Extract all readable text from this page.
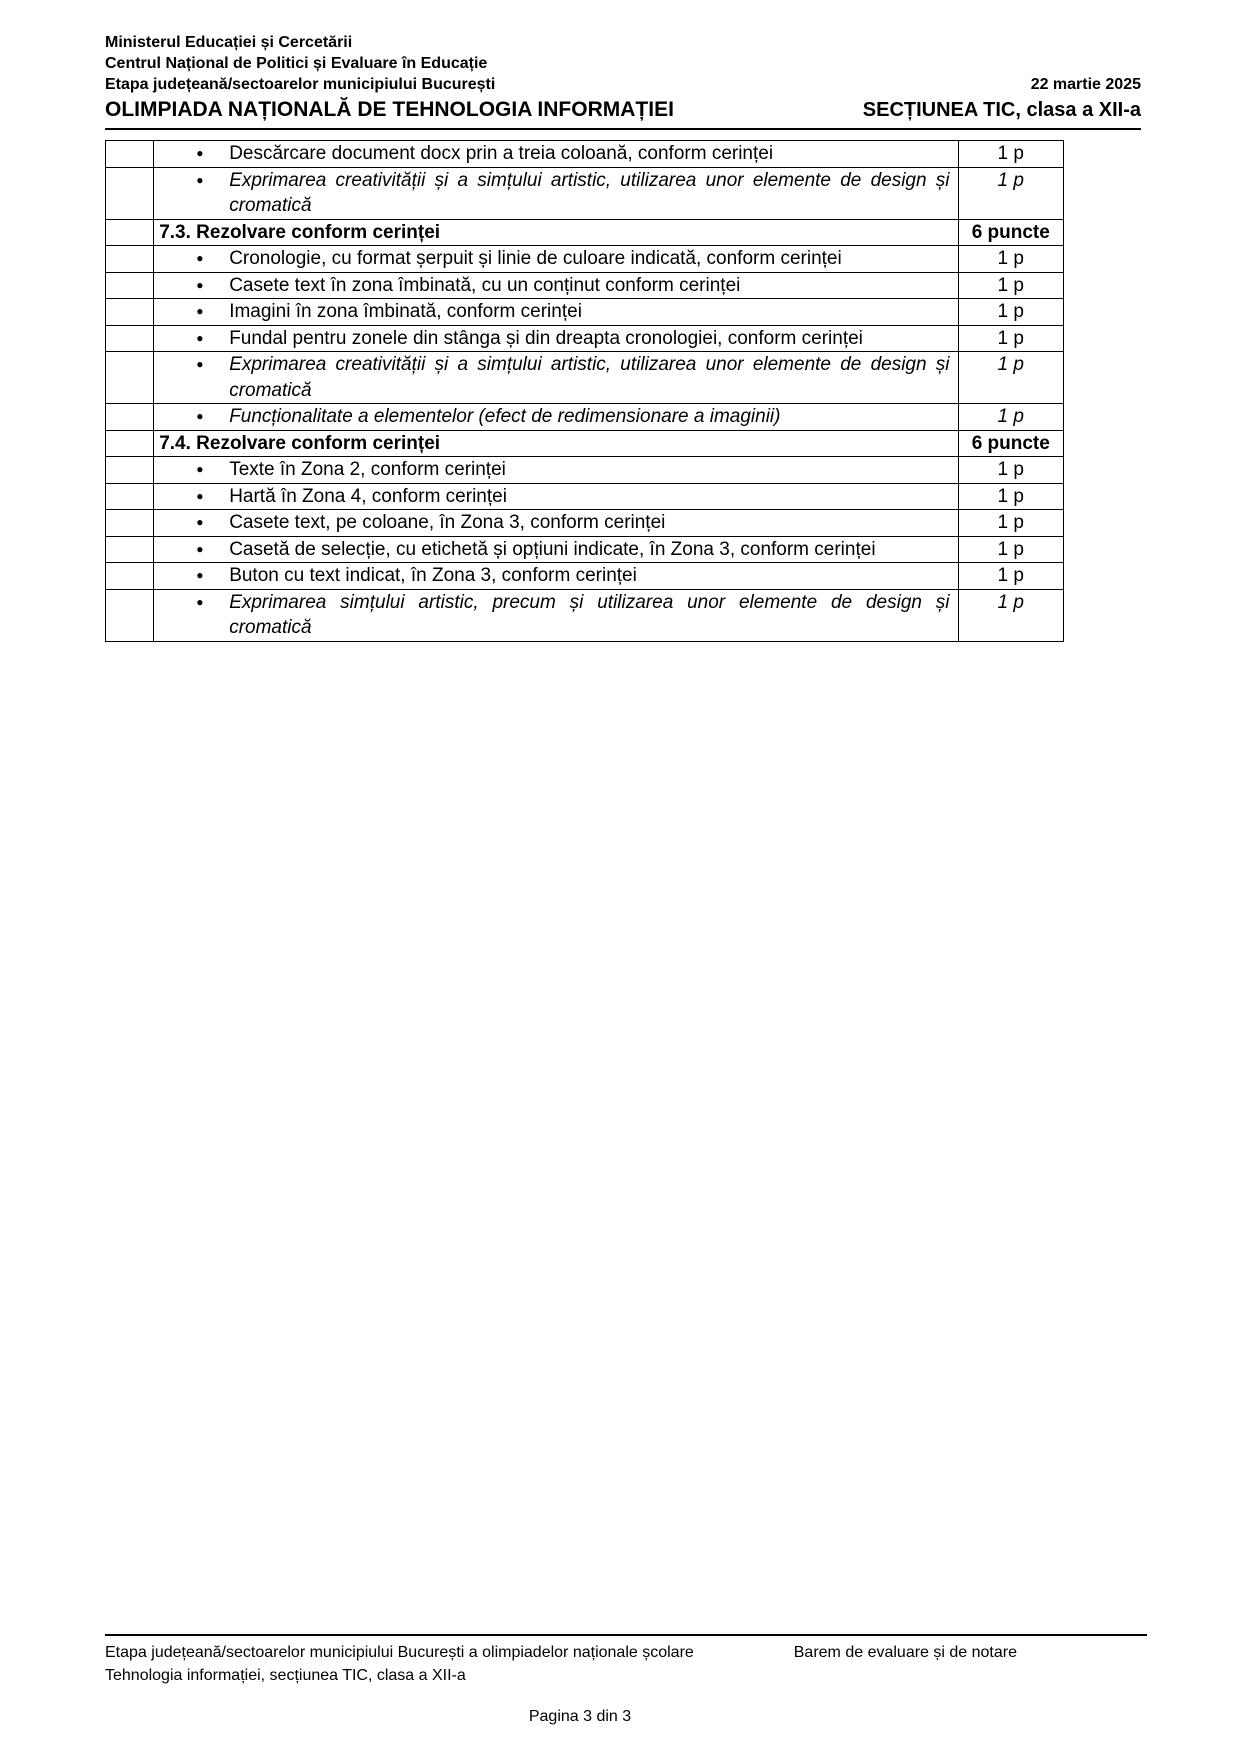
Ministerul Educației și Cercetării
Centrul Național de Politici și Evaluare în Educație
Etapa județeană/sectoarelor municipiului București	22 martie 2025
OLIMPIADA NAȚIONALĂ DE TEHNOLOGIA INFORMAȚIEI	SECȚIUNEA TIC, clasa a XII-a

	● Descărcare document docx prin a treia coloană, conform cerinței	1 p

	● Exprimarea creativității și a simțului artistic, utilizarea unor elemente de design și cromatică	1 p
	7.3. Rezolvare conform cerinței	6 puncte

	● Cronologie, cu format șerpuit și linie de culoare indicată, conform cerinței	1 p

	● Casete text în zona îmbinată, cu un conținut conform cerinței	1 p

	● Imagini în zona îmbinată, conform cerinței	1 p

	● Fundal pentru zonele din stânga și din dreapta cronologiei, conform cerinței	1 p

	● Exprimarea creativității și a simțului artistic, utilizarea unor elemente de design și cromatică	1 p

	● Funcționalitate a elementelor (efect de redimensionare a imaginii)	1 p
	7.4. Rezolvare conform cerinței	6 puncte

	● Texte în Zona 2, conform cerinței	1 p

	● Hartă în Zona 4, conform cerinței	1 p

	● Casete text, pe coloane, în Zona 3, conform cerinței	1 p

	● Casetă de selecție, cu etichetă și opțiuni indicate, în Zona 3, conform cerinței	1 p

	● Buton cu text indicat, în Zona 3, conform cerinței	1 p

	● Exprimarea simțului artistic, precum și utilizarea unor elemente de design și cromatică	1 p
Etapa județeană/sectoarelor municipiului București a olimpiadelor naționale școlare	Barem de evaluare și de notare
Tehnologia informației, secțiunea TIC, clasa a XII-a
Pagina 3 din 3
